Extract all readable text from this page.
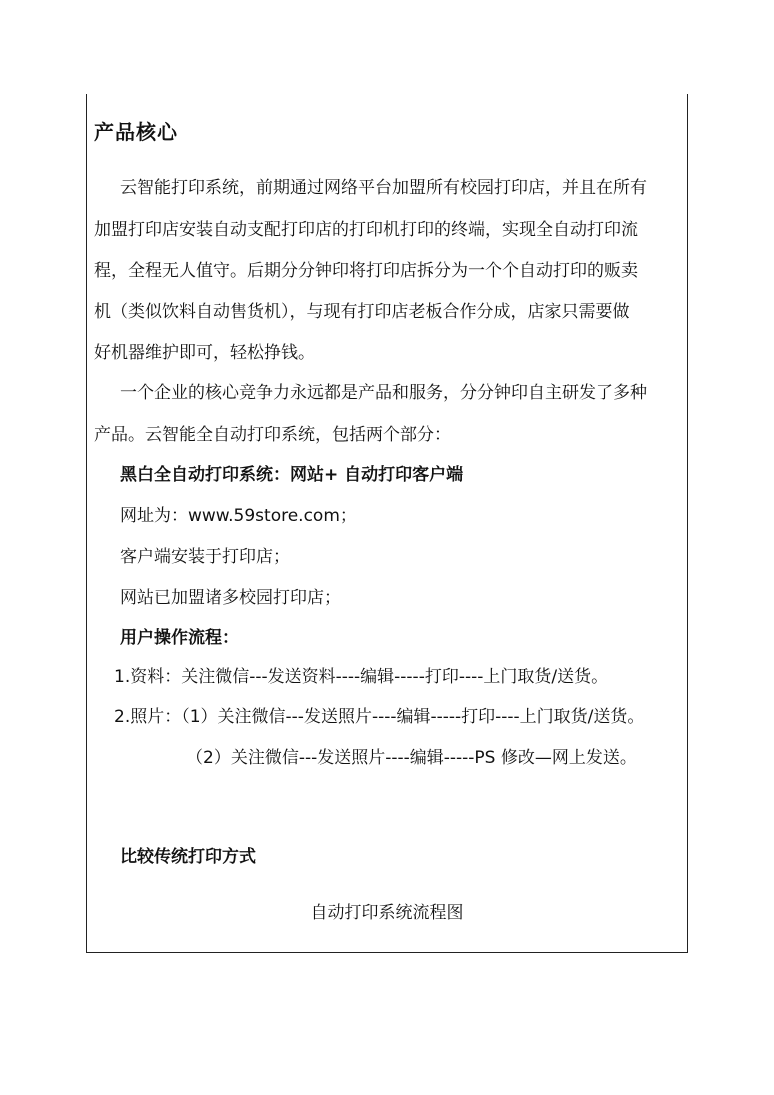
产品核心
云智能打印系统，前期通过网络平台加盟所有校园打印店，并且在所有
加盟打印店安装自动支配打印店的打印机打印的终端，实现全自动打印流
程，全程无人值守。后期分分钟印将打印店拆分为一个个自动打印的贩卖
机（类似饮料自动售货机），与现有打印店老板合作分成，店家只需要做
好机器维护即可，轻松挣钱。
一个企业的核心竞争力永远都是产品和服务，分分钟印自主研发了多种
产品。云智能全自动打印系统，包括两个部分：
黑白全自动打印系统：网站+ 自动打印客户端
网址为：www.59store.com；
客户端安装于打印店；
网站已加盟诸多校园打印店；
用户操作流程：
1.资料：关注微信---发送资料----编辑-----打印----上门取货/送货。
2.照片：（1）关注微信---发送照片----编辑-----打印----上门取货/送货。
（2）关注微信---发送照片----编辑-----PS 修改—网上发送。
比较传统打印方式
自动打印系统流程图
